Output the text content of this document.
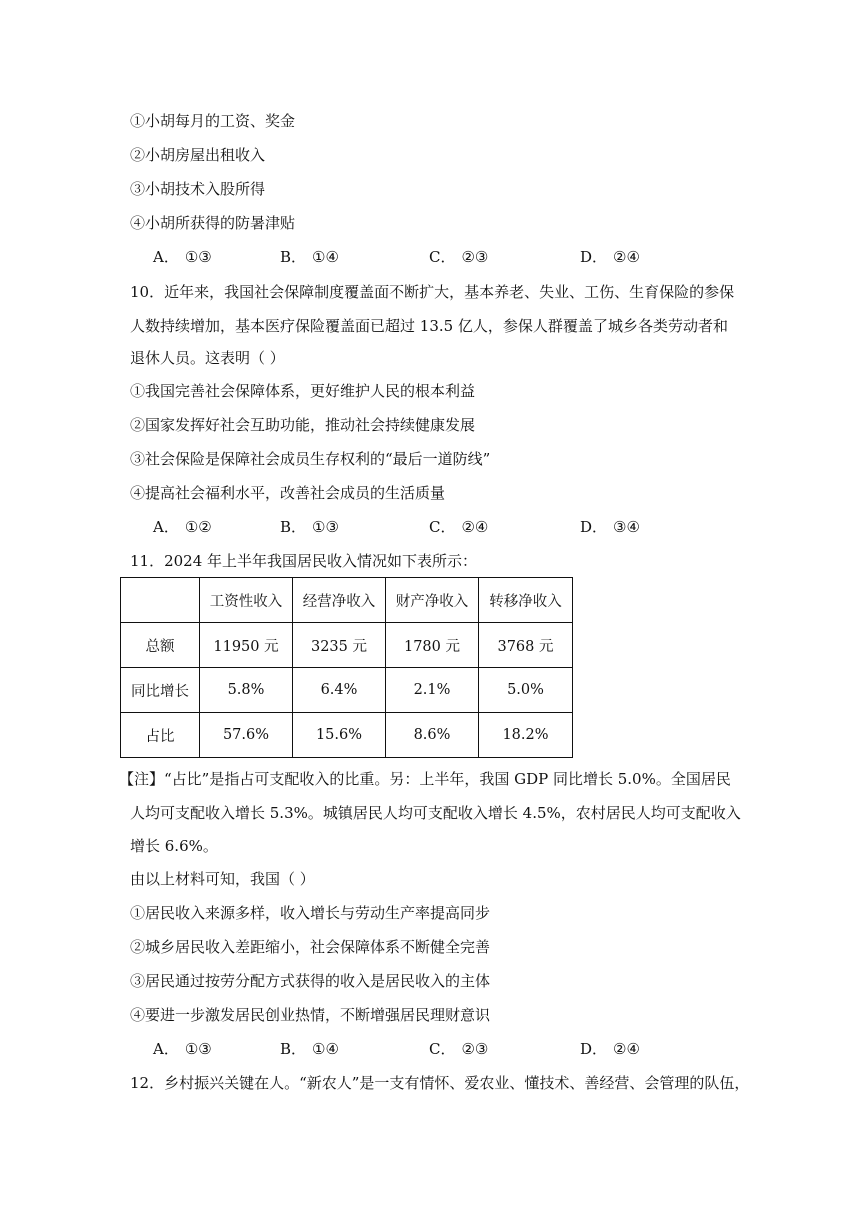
①小胡每月的工资、奖金
②小胡房屋出租收入
③小胡技术入股所得
④小胡所获得的防暑津贴
A． ①③	B． ①④	C． ②③	D． ②④
10．近年来，我国社会保障制度覆盖面不断扩大，基本养老、失业、工伤、生育保险的参保
人数持续增加，基本医疗保险覆盖面已超过 13.5 亿人，参保人群覆盖了城乡各类劳动者和
退休人员。这表明（ ）
①我国完善社会保障体系，更好维护人民的根本利益
②国家发挥好社会互助功能，推动社会持续健康发展
③社会保险是保障社会成员生存权利的“最后一道防线”
④提高社会福利水平，改善社会成员的生活质量
A． ①②	B． ①③	C． ②④	D． ③④
11．2024 年上半年我国居民收入情况如下表所示：
	工资性收入	经营净收入	财产净收入	转移净收入
总额	11950 元	3235 元	1780 元	3768 元
同比增长	5.8%	6.4%	2.1%	5.0%
占比	57.6%	15.6%	8.6%	18.2%
【注】“占比”是指占可支配收入的比重。另：上半年，我国 GDP 同比增长 5.0%。全国居民
人均可支配收入增长 5.3%。城镇居民人均可支配收入增长 4.5%，农村居民人均可支配收入
增长 6.6%。
由以上材料可知，我国（ ）
①居民收入来源多样，收入增长与劳动生产率提高同步
②城乡居民收入差距缩小，社会保障体系不断健全完善
③居民通过按劳分配方式获得的收入是居民收入的主体
④要进一步激发居民创业热情，不断增强居民理财意识
A． ①③	B． ①④	C． ②③	D． ②④
12．乡村振兴关键在人。“新农人”是一支有情怀、爱农业、懂技术、善经营、会管理的队伍，
